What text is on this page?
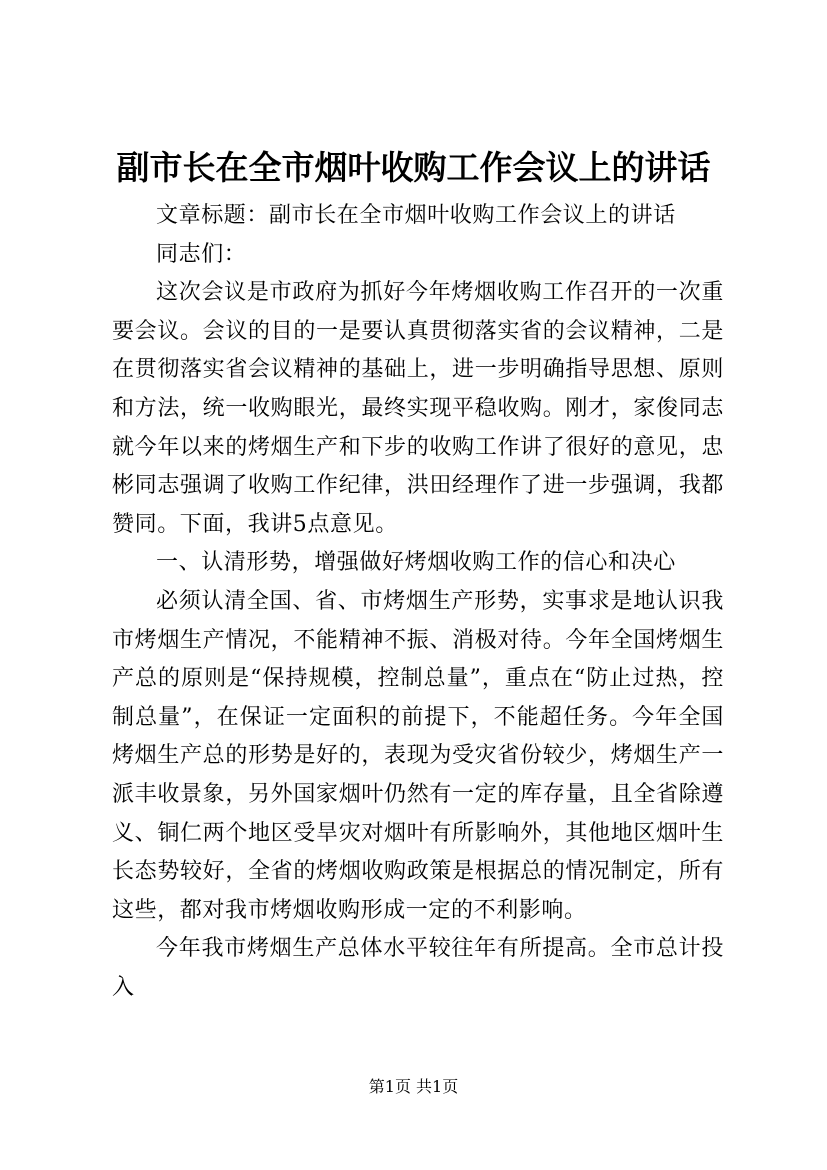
副市长在全市烟叶收购工作会议上的讲话

文章标题：副市长在全市烟叶收购工作会议上的讲话

同志们：

这次会议是市政府为抓好今年烤烟收购工作召开的一次重要会议。会议的目的一是要认真贯彻落实省的会议精神，二是在贯彻落实省会议精神的基础上，进一步明确指导思想、原则和方法，统一收购眼光，最终实现平稳收购。刚才，家俊同志就今年以来的烤烟生产和下步的收购工作讲了很好的意见，忠彬同志强调了收购工作纪律，洪田经理作了进一步强调，我都赞同。下面，我讲5点意见。

一、认清形势，增强做好烤烟收购工作的信心和决心

必须认清全国、省、市烤烟生产形势，实事求是地认识我市烤烟生产情况，不能精神不振、消极对待。今年全国烤烟生产总的原则是“保持规模，控制总量”，重点在“防止过热，控制总量”，在保证一定面积的前提下，不能超任务。今年全国烤烟生产总的形势是好的，表现为受灾省份较少，烤烟生产一派丰收景象，另外国家烟叶仍然有一定的库存量，且全省除遵义、铜仁两个地区受旱灾对烟叶有所影响外，其他地区烟叶生长态势较好，全省的烤烟收购政策是根据总的情况制定，所有这些，都对我市烤烟收购形成一定的不利影响。

今年我市烤烟生产总体水平较往年有所提高。全市总计投入

第1页 共1页
